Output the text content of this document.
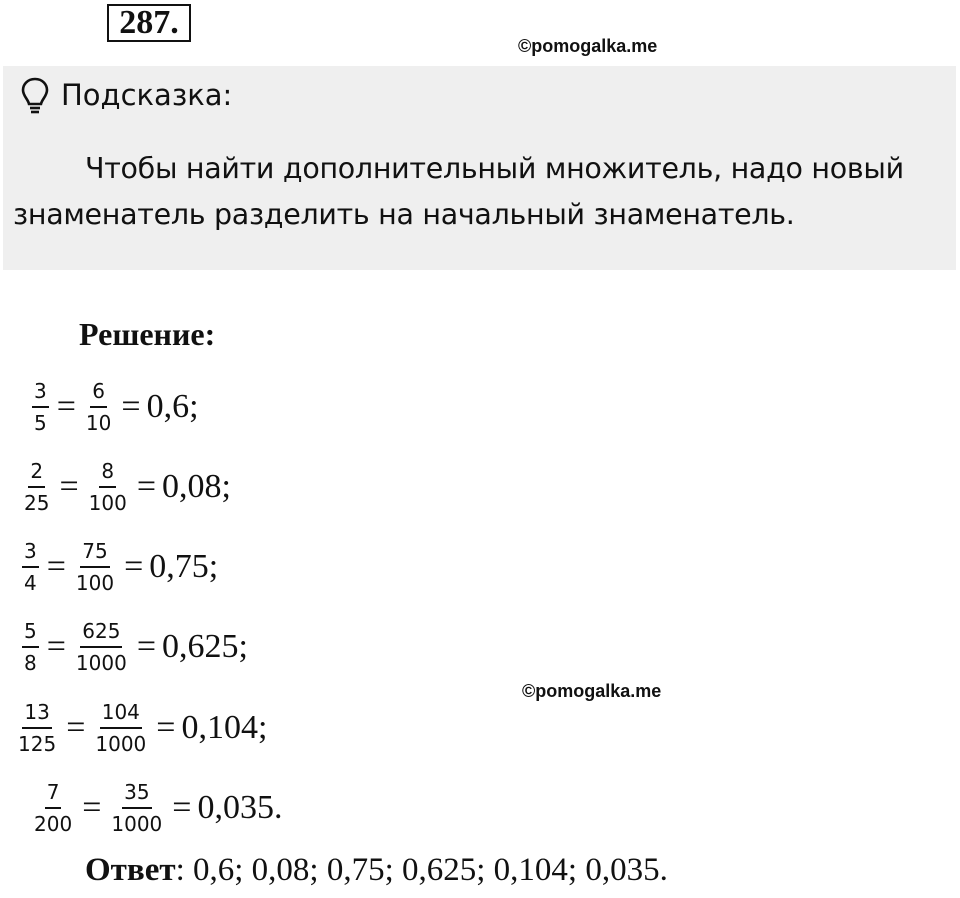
287.
©pomogalka.me
Подсказка:
Чтобы найти дополнительный множитель, надо новый знаменатель разделить на начальный знаменатель.
Решение:
$\frac{3}{5} = \frac{6}{10} = 0,6$;
$\frac{2}{25} = \frac{8}{100} = 0,08$;
$\frac{3}{4} = \frac{75}{100} = 0,75$;
$\frac{5}{8} = \frac{625}{1000} = 0,625$;
$\frac{13}{125} = \frac{104}{1000} = 0,104$;
$\frac{7}{200} = \frac{35}{1000} = 0,035$.
©pomogalka.me
Ответ: 0,6; 0,08; 0,75; 0,625; 0,104; 0,035.
